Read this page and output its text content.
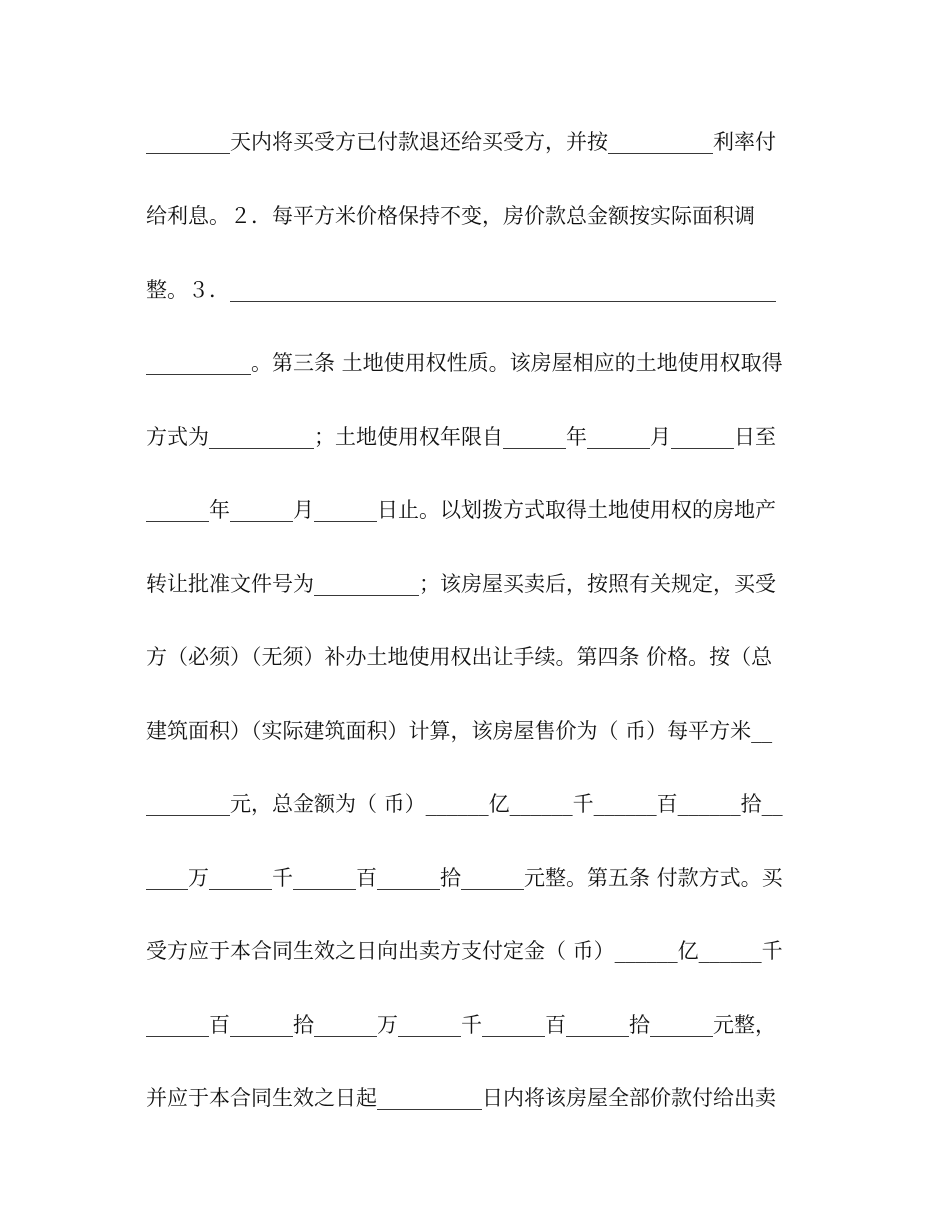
________天内将买受方已付款退还给买受方，并按__________利率付
给利息。２．每平方米价格保持不变，房价款总金额按实际面积调
整。３．____________________________________________________
__________。第三条 土地使用权性质。该房屋相应的土地使用权取得
方式为__________；土地使用权年限自______年______月______日至
______年______月______日止。以划拨方式取得土地使用权的房地产
转让批准文件号为__________；该房屋买卖后，按照有关规定，买受
方（必须）（无须）补办土地使用权出让手续。第四条 价格。按（总
建筑面积）（实际建筑面积）计算，该房屋售价为（ 币）每平方米__
________元，总金额为（ 币）______亿______千______百______拾__
____万______千______百______拾______元整。第五条 付款方式。买
受方应于本合同生效之日向出卖方支付定金（ 币）______亿______千
______百______拾______万______千______百______拾______元整，
并应于本合同生效之日起__________日内将该房屋全部价款付给出卖
